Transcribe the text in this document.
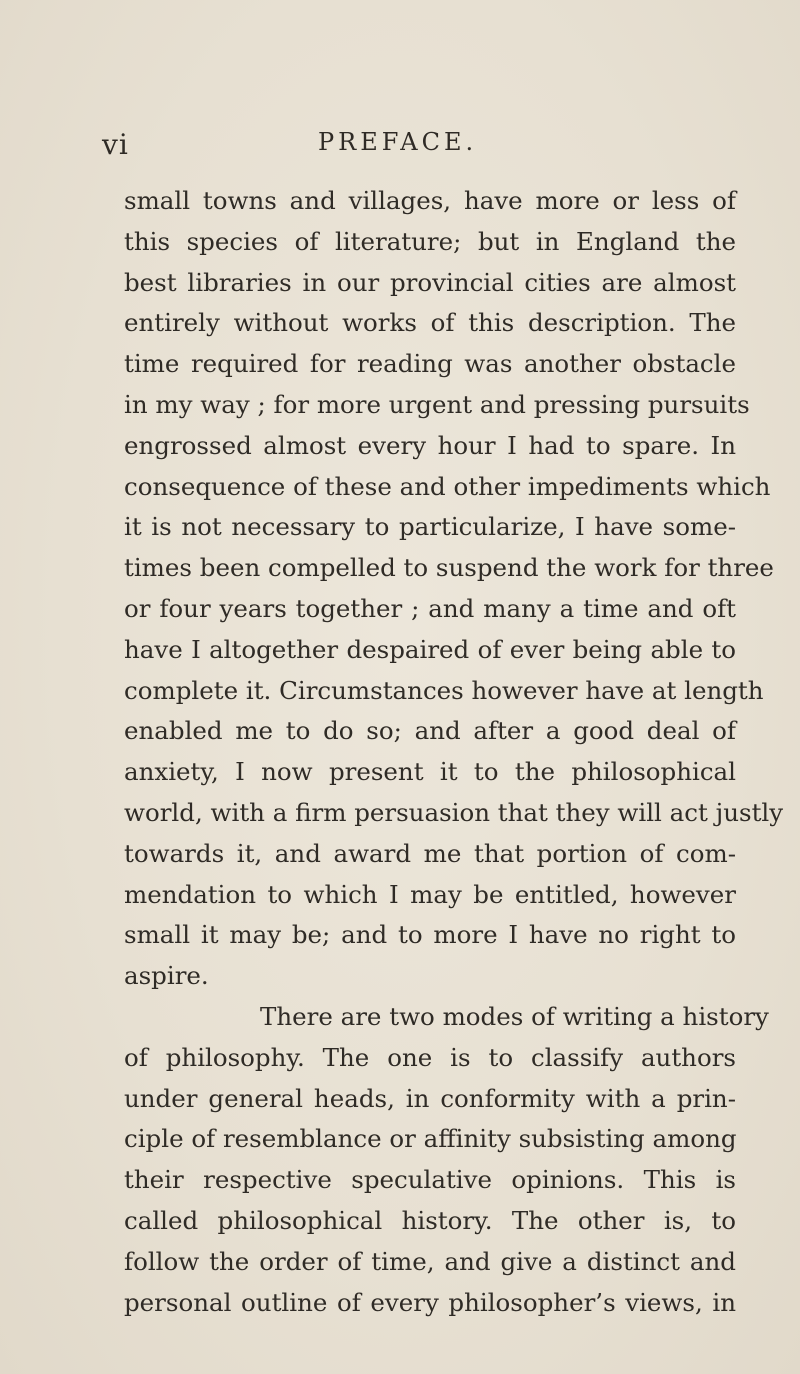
vi	PREFACE.
small towns and villages, have more or less of
this species of literature; but in England the
best libraries in our provincial cities are almost
entirely without works of this description. The
time required for reading was another obstacle
in my way ; for more urgent and pressing pursuits
engrossed almost every hour I had to spare. In
consequence of these and other impediments which
it is not necessary to particularize, I have some-
times been compelled to suspend the work for three
or four years together ; and many a time and oft
have I altogether despaired of ever being able to
complete it. Circumstances however have at length
enabled me to do so; and after a good deal of
anxiety, I now present it to the philosophical
world, with a firm persuasion that they will act justly
towards it, and award me that portion of com-
mendation to which I may be entitled, however
small it may be; and to more I have no right to
aspire.
There are two modes of writing a history
of philosophy. The one is to classify authors
under general heads, in conformity with a prin-
ciple of resemblance or affinity subsisting among
their respective speculative opinions. This is
called philosophical history. The other is, to
follow the order of time, and give a distinct and
personal outline of every philosopher’s views, in
